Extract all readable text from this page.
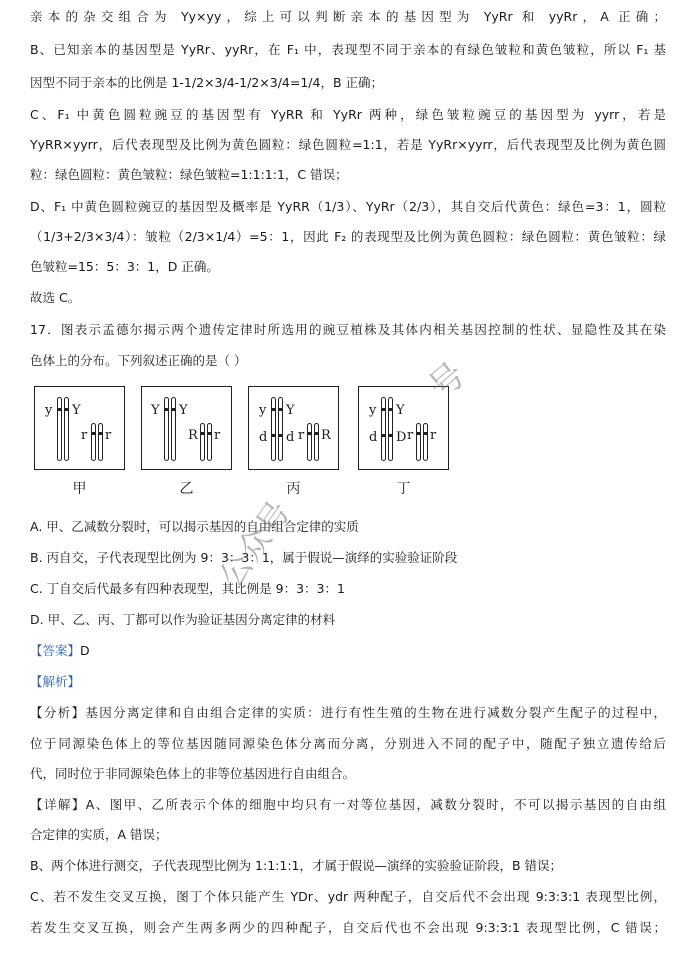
亲本的杂交组合为 Yy×yy，综上可以判断亲本的基因型为 YyRr 和 yyRr，A 正确；
B、已知亲本的基因型是 YyRr、yyRr，在 F₁ 中，表现型不同于亲本的有绿色皱粒和黄色皱粒，所以 F₁ 基
因型不同于亲本的比例是 1-1/2×3/4-1/2×3/4=1/4，B 正确；
C、F₁ 中黄色圆粒豌豆的基因型有 YyRR 和 YyRr 两种，绿色皱粒豌豆的基因型为 yyrr，若是
YyRR×yyrr，后代表现型及比例为黄色圆粒：绿色圆粒=1:1，若是 YyRr×yyrr，后代表现型及比例为黄色圆
粒：绿色圆粒：黄色皱粒：绿色皱粒=1:1:1:1，C 错误；
D、F₁ 中黄色圆粒豌豆的基因型及概率是 YyRR（1/3）、YyRr（2/3），其自交后代黄色：绿色=3：1，圆粒
（1/3+2/3×3/4）：皱粒（2/3×1/4）=5：1，因此 F₂ 的表现型及比例为黄色圆粒：绿色圆粒：黄色皱粒：绿
色皱粒=15：5：3：1，D 正确。
故选 C。
17．图表示孟德尔揭示两个遗传定律时所选用的豌豆植株及其体内相关基因控制的性状、显隐性及其在染
色体上的分布。下列叙述正确的是（ ）
y Y
r r
甲
Y Y
R r
乙
y
d
Y
d r R
丙
y
d
Y
D r r
丁
A. 甲、乙减数分裂时，可以揭示基因的自由组合定律的实质
B. 丙自交，子代表现型比例为 9：3：3：1，属于假说—演绎的实验验证阶段
C. 丁自交后代最多有四种表现型，其比例是 9：3：3：1
D. 甲、乙、丙、丁都可以作为验证基因分离定律的材料
【答案】D
【解析】
【分析】基因分离定律和自由组合定律的实质：进行有性生殖的生物在进行减数分裂产生配子的过程中，
位于同源染色体上的等位基因随同源染色体分离而分离，分别进入不同的配子中，随配子独立遗传给后
代，同时位于非同源染色体上的非等位基因进行自由组合。
【详解】A、图甲、乙所表示个体的细胞中均只有一对等位基因，减数分裂时，不可以揭示基因的自由组
合定律的实质，A 错误；
B、两个体进行测交，子代表现型比例为 1:1:1:1，才属于假说—演绎的实验验证阶段，B 错误；
C、若不发生交叉互换，图丁个体只能产生 YDr、ydr 两种配子，自交后代不会出现 9:3:3:1 表现型比例，
若发生交叉互换，则会产生两多两少的四种配子，自交后代也不会出现 9:3:3:1 表现型比例，C 错误；
公众号
号
